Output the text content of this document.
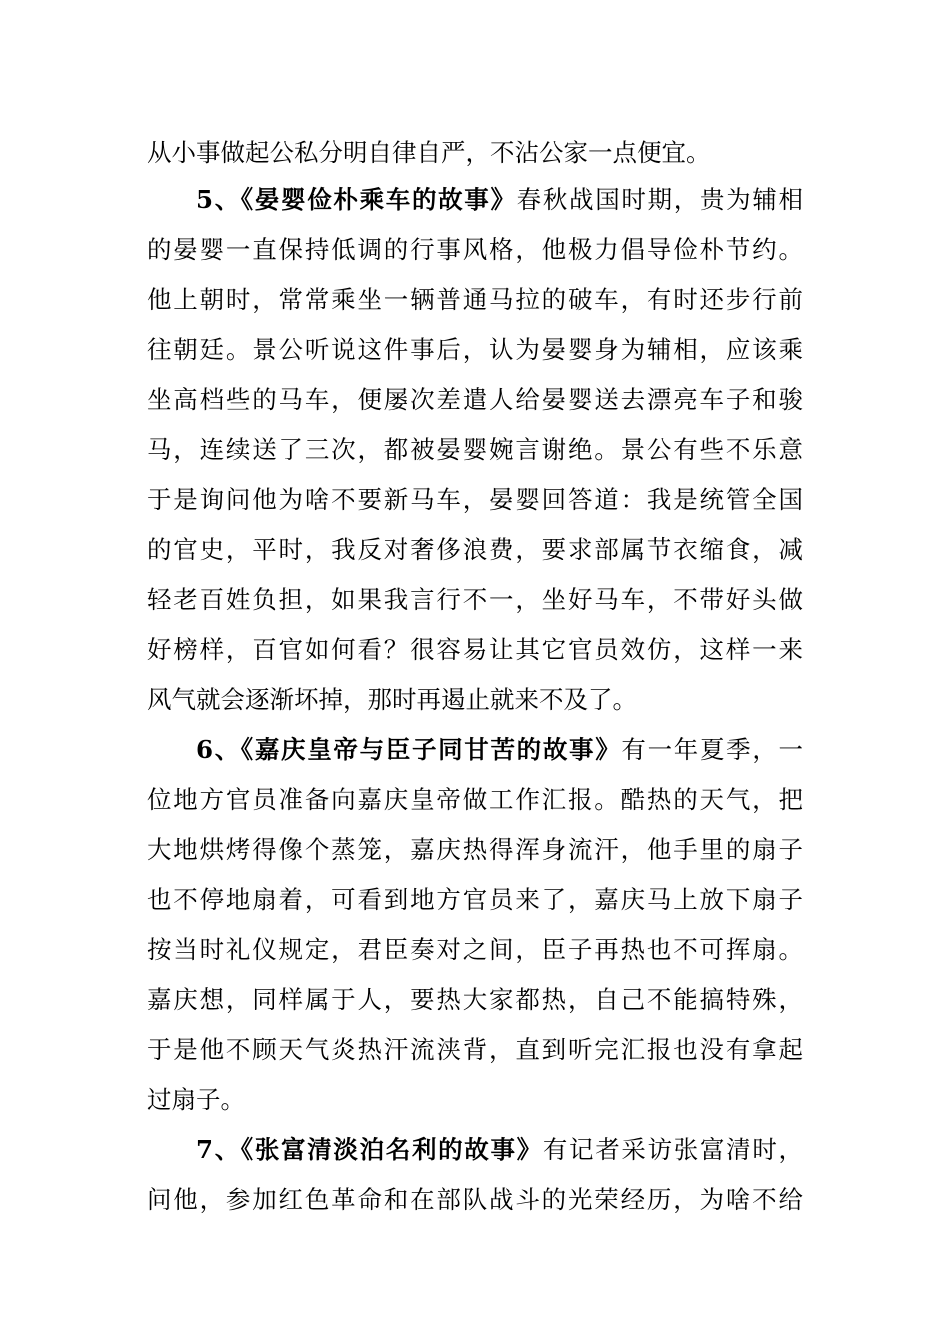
从小事做起公私分明自律自严，不沾公家一点便宜。
5、《晏婴俭朴乘车的故事》春秋战国时期，贵为辅相
的晏婴一直保持低调的行事风格，他极力倡导俭朴节约。
他上朝时，常常乘坐一辆普通马拉的破车，有时还步行前
往朝廷。景公听说这件事后，认为晏婴身为辅相，应该乘
坐高档些的马车，便屡次差遣人给晏婴送去漂亮车子和骏
马，连续送了三次，都被晏婴婉言谢绝。景公有些不乐意
于是询问他为啥不要新马车，晏婴回答道：我是统管全国
的官史，平时，我反对奢侈浪费，要求部属节衣缩食，减
轻老百姓负担，如果我言行不一，坐好马车，不带好头做
好榜样，百官如何看？很容易让其它官员效仿，这样一来
风气就会逐渐坏掉，那时再遏止就来不及了。
6、《嘉庆皇帝与臣子同甘苦的故事》有一年夏季，一
位地方官员准备向嘉庆皇帝做工作汇报。酷热的天气，把
大地烘烤得像个蒸笼，嘉庆热得浑身流汗，他手里的扇子
也不停地扇着，可看到地方官员来了，嘉庆马上放下扇子
按当时礼仪规定，君臣奏对之间，臣子再热也不可挥扇。
嘉庆想，同样属于人，要热大家都热，自己不能搞特殊，
于是他不顾天气炎热汗流浃背，直到听完汇报也没有拿起
过扇子。
7、《张富清淡泊名利的故事》有记者采访张富清时，
问他，参加红色革命和在部队战斗的光荣经历，为啥不给
